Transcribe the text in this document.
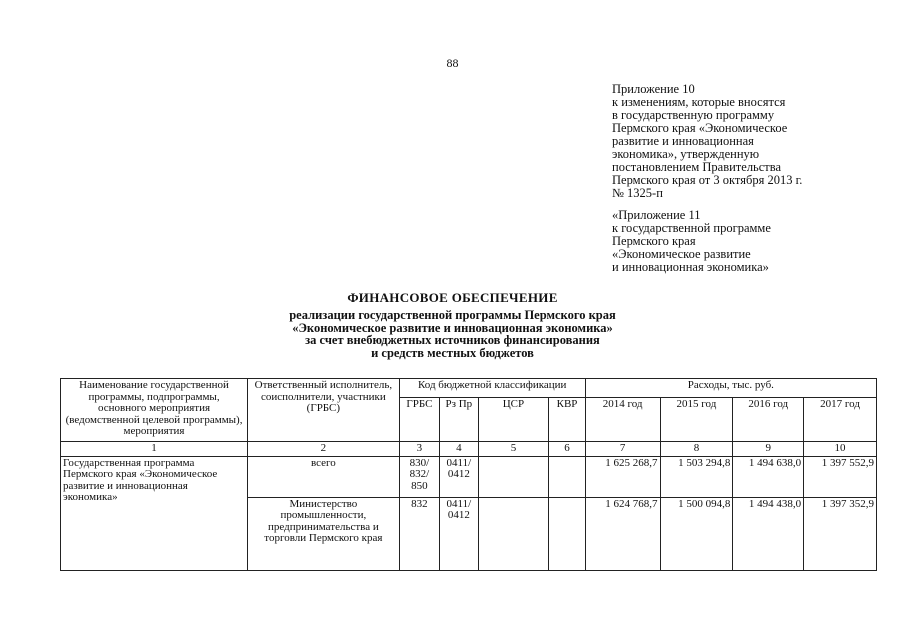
88
Приложение 10
к изменениям, которые вносятся
в государственную программу
Пермского края «Экономическое
развитие и инновационная
экономика», утвержденную
постановлением Правительства
Пермского края от 3 октября 2013 г.
№ 1325-п
«Приложение 11
к государственной программе
Пермского края
«Экономическое развитие
и инновационная экономика»
ФИНАНСОВОЕ ОБЕСПЕЧЕНИЕ
реализации государственной программы Пермского края
«Экономическое развитие и инновационная экономика»
за счет внебюджетных источников финансирования
и средств местных бюджетов
Наименование государственной программы, подпрограммы, основного мероприятия (ведомственной целевой программы), мероприятия	Ответственный исполнитель, соисполнители, участники (ГРБС)	Код бюджетной классификации				Расходы, тыс. руб.			
		ГРБС	Рз Пр	ЦСР	КВР	2014 год	2015 год	2016 год	2017 год
1	2	3	4	5	6	7	8	9	10
Государственная программа Пермского края «Экономическое развитие и инновационная экономика»	всего	830/ 832/ 850	0411/ 0412			1 625 268,7	1 503 294,8	1 494 638,0	1 397 552,9
	Министерство промышленности, предпринимательства и торговли Пермского края	832	0411/ 0412			1 624 768,7	1 500 094,8	1 494 438,0	1 397 352,9
